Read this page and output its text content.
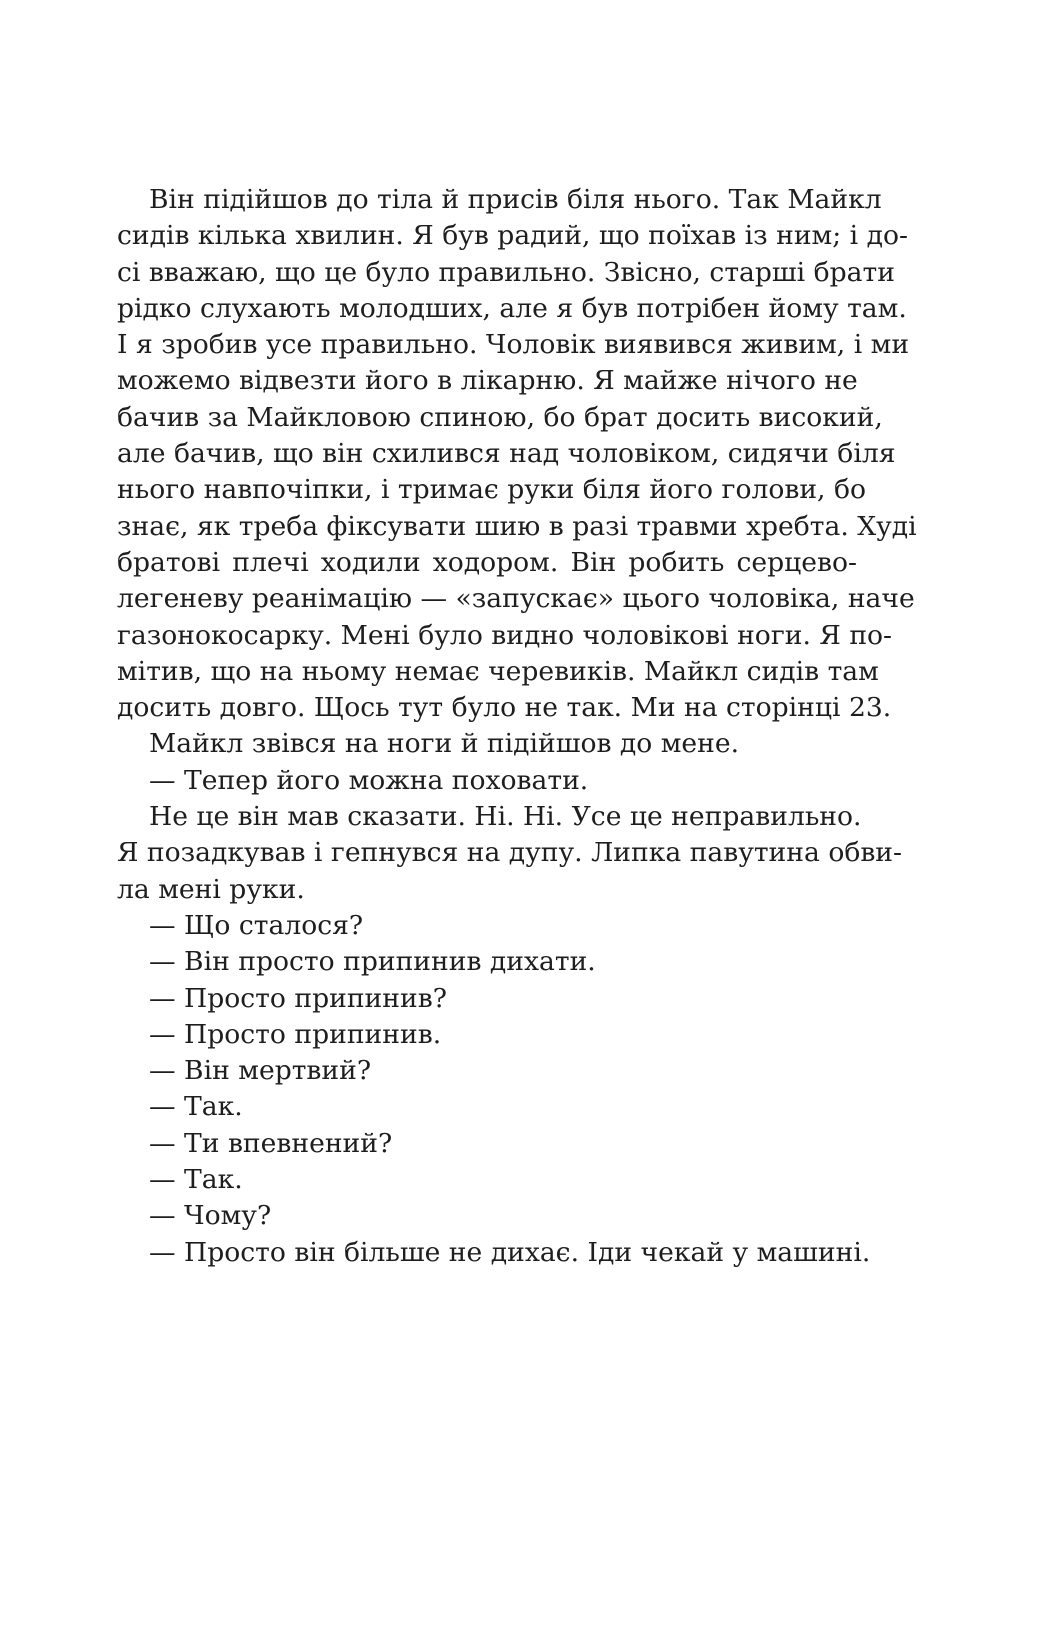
Він підійшов до тіла й присів біля нього. Так Майкл
сидів кілька хвилин. Я був радий, що поїхав із ним; і до-
сі вважаю, що це було правильно. Звісно, старші брати
рідко слухають молодших, але я був потрібен йому там.
І я зробив усе правильно. Чоловік виявився живим, і ми
можемо відвезти його в лікарню. Я майже нічого не
бачив за Майкловою спиною, бо брат досить високий,
але бачив, що він схилився над чоловіком, сидячи біля
нього навпочіпки, і тримає руки біля його голови, бо
знає, як треба фіксувати шию в разі травми хребта. Худі
братові плечі ходили ходором. Він робить серцево-
легеневу реанімацію — «запускає» цього чоловіка, наче
газонокосарку. Мені було видно чоловікові ноги. Я по-
мітив, що на ньому немає черевиків. Майкл сидів там
досить довго. Щось тут було не так. Ми на сторінці 23.
Майкл звівся на ноги й підійшов до мене.
— Тепер його можна поховати.
Не це він мав сказати. Ні. Ні. Усе це неправильно.
Я позадкував і гепнувся на дупу. Липка павутина обви-
ла мені руки.
— Що сталося?
— Він просто припинив дихати.
— Просто припинив?
— Просто припинив.
— Він мертвий?
— Так.
— Ти впевнений?
— Так.
— Чому?
— Просто він більше не дихає. Іди чекай у машині.
